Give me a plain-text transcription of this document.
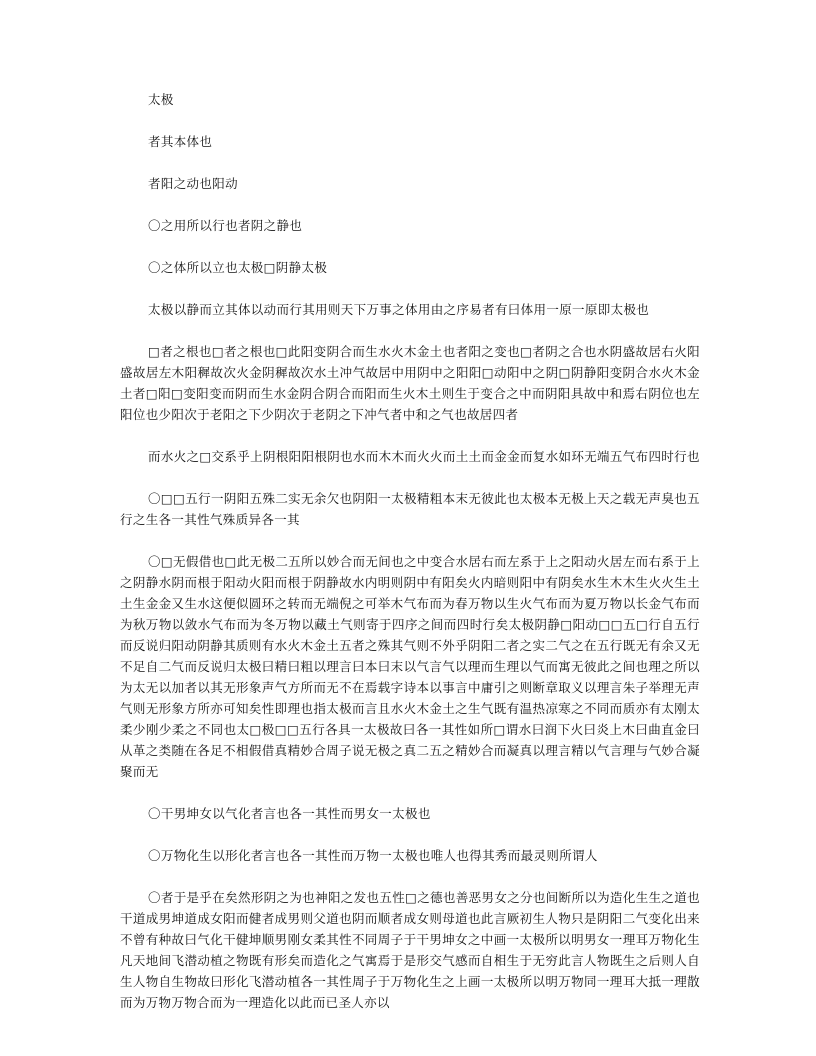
太极

者其本体也

者阳之动也阳动

〇之用所以行也者阴之静也

〇之体所以立也太极□阴静太极

太极以静而立其体以动而行其用则天下万事之体用由之序易者有曰体用一原一原即太极也

□者之根也□者之根也□此阳变阴合而生水火木金土也者阳之变也□者阴之合也水阴盛故居右火阳盛故居左木阳穉故次火金阴穉故次水土冲气故居中用阴中之阳阳□动阳中之阴□阴静阳变阴合水火木金土者□阳□变阳变而阴而生水金阴合阴合而阳而生火木土则生于变合之中而阴阳具故中和焉右阴位也左阳位也少阳次于老阳之下少阴次于老阴之下冲气者中和之气也故居四者

而水火之□交系乎上阴根阳阳根阴也水而木木而火火而土土而金金而复水如环无端五气布四时行也

〇□□五行一阴阳五殊二实无余欠也阴阳一太极精粗本末无彼此也太极本无极上天之载无声臭也五行之生各一其性气殊质异各一其

〇□无假借也□此无极二五所以妙合而无间也之中变合水居右而左系于上之阳动火居左而右系于上之阴静水阴而根于阳动火阳而根于阴静故水内明则阴中有阳矣火内暗则阳中有阴矣水生木木生火火生土土生金金又生水这便似圆环之转而无端倪之可举木气布而为春万物以生火气布而为夏万物以长金气布而为秋万物以敛水气布而为冬万物以藏土气则寄于四序之间而四时行矣太极阴静□阳动□□五□行自五行而反说归阳动阴静其质则有水火木金土五者之殊其气则不外乎阴阳二者之实二气之在五行既无有余又无不足自二气而反说归太极曰精曰粗以理言曰本曰末以气言气以理而生理以气而寓无彼此之间也理之所以为太无以加者以其无形象声气方所而无不在焉载字诗本以事言中庸引之则断章取义以理言朱子举理无声气则无形象方所亦可知矣性即理也指太极而言且水火木金土之生气既有温热凉寒之不同而质亦有太刚太柔少刚少柔之不同也太□极□□五行各具一太极故曰各一其性如所□谓水曰润下火曰炎上木曰曲直金曰从革之类随在各足不相假借真精妙合周子说无极之真二五之精妙合而凝真以理言精以气言理与气妙合凝聚而无

〇干男坤女以气化者言也各一其性而男女一太极也

〇万物化生以形化者言也各一其性而万物一太极也唯人也得其秀而最灵则所谓人

〇者于是乎在矣然形阴之为也神阳之发也五性□之德也善恶男女之分也间断所以为造化生生之道也干道成男坤道成女阳而健者成男则父道也阴而顺者成女则母道也此言厥初生人物只是阴阳二气变化出来不曾有种故曰气化干健坤顺男刚女柔其性不同周子于干男坤女之中画一太极所以明男女一理耳万物化生凡天地间飞潜动植之物既有形矣而造化之气寓焉于是形交气感而自相生于无穷此言人物既生之后则人自生人物自生物故曰形化飞潜动植各一其性周子于万物化生之上画一太极所以明万物同一理耳大抵一理散而为万物万物合而为一理造化以此而已圣人亦以
